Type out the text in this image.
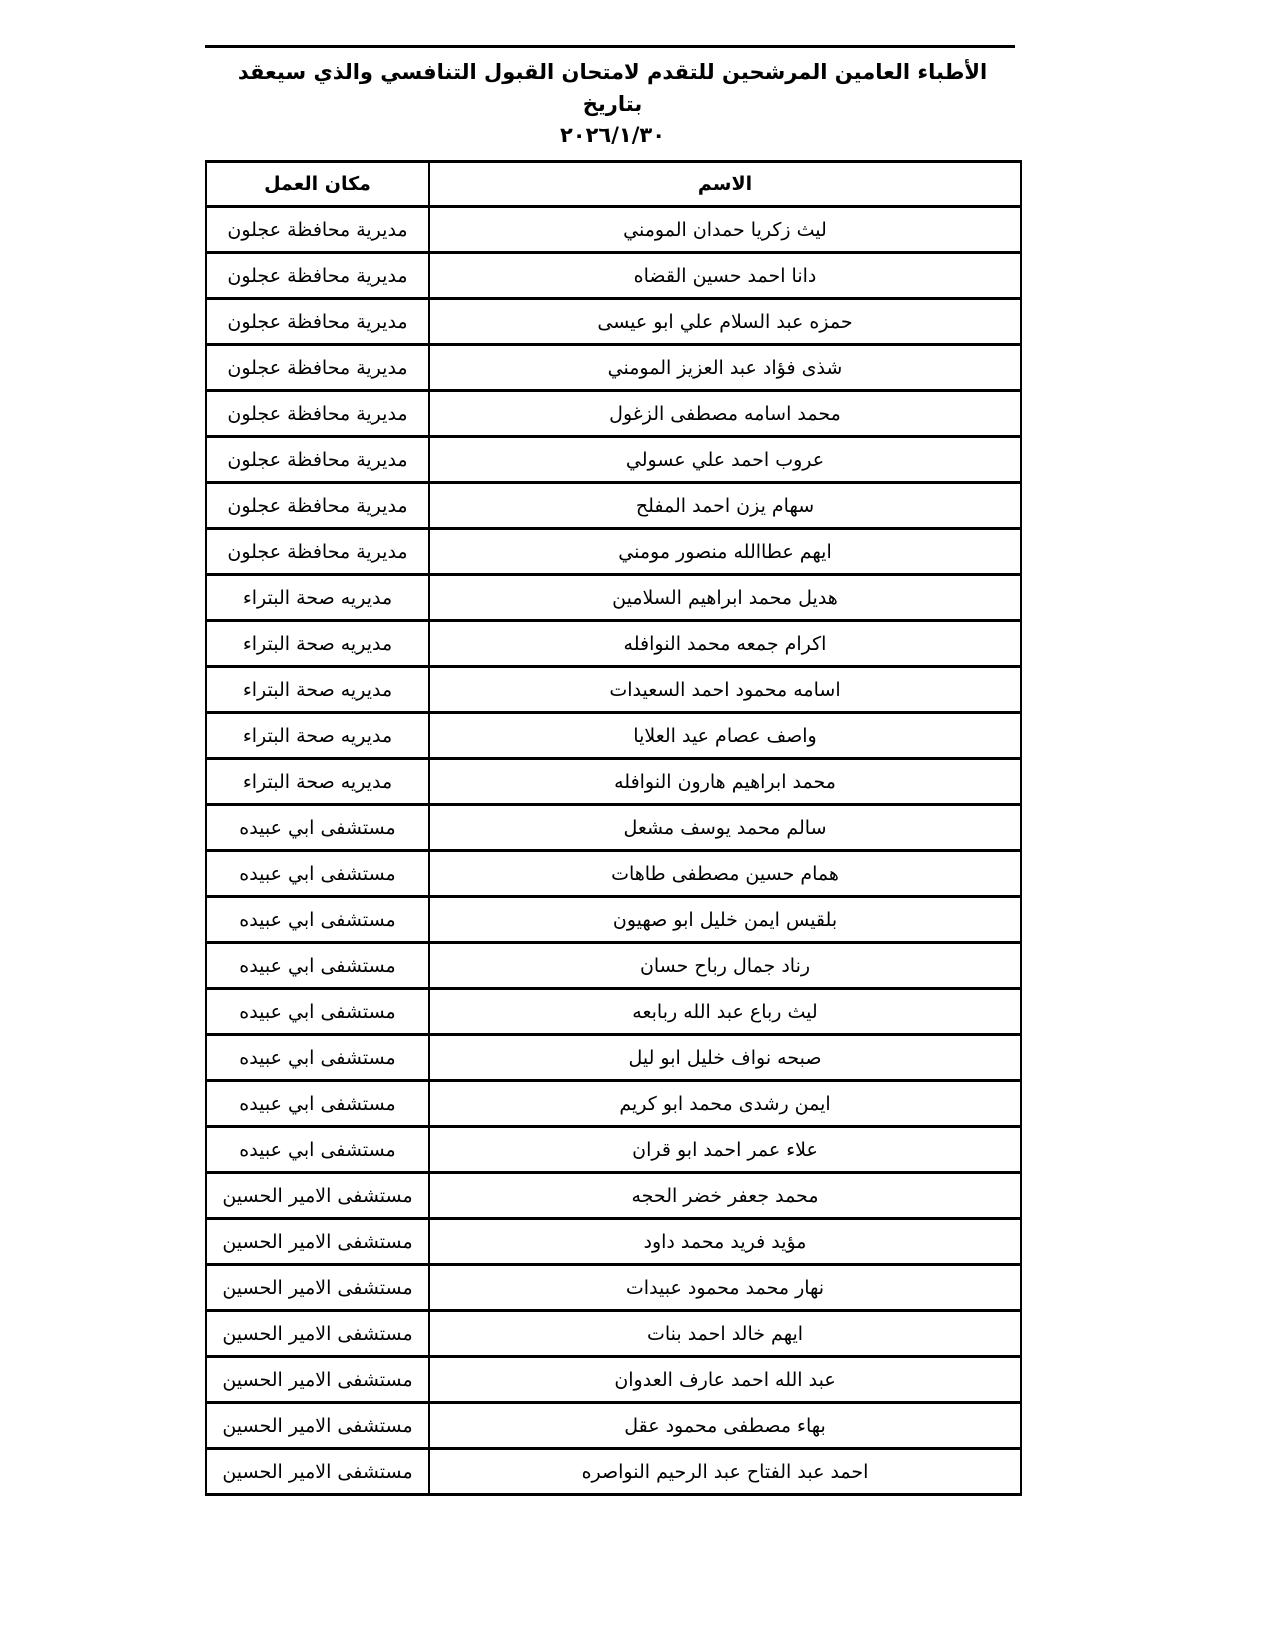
الأطباء العامين المرشحين للتقدم لامتحان القبول التنافسي والذي سيعقد بتاريخ
٢٠٢٦/١/٣٠
الاسم	مكان العمل
ليث زكريا حمدان المومني	مديرية محافظة عجلون
دانا احمد حسين القضاه	مديرية محافظة عجلون
حمزه عبد السلام علي ابو عيسى	مديرية محافظة عجلون
شذى فؤاد عبد العزيز المومني	مديرية محافظة عجلون
محمد اسامه مصطفى الزغول	مديرية محافظة عجلون
عروب احمد علي عسولي	مديرية محافظة عجلون
سهام يزن احمد المفلح	مديرية محافظة عجلون
ايهم عطاالله منصور مومني	مديرية محافظة عجلون
هديل محمد ابراهيم السلامين	مديريه صحة البتراء
اكرام جمعه محمد النوافله	مديريه صحة البتراء
اسامه محمود احمد السعيدات	مديريه صحة البتراء
واصف عصام عيد العلايا	مديريه صحة البتراء
محمد ابراهيم هارون النوافله	مديريه صحة البتراء
سالم محمد يوسف مشعل	مستشفى ابي عبيده
همام حسين مصطفى طاهات	مستشفى ابي عبيده
بلقيس ايمن خليل ابو صهيون	مستشفى ابي عبيده
رناد جمال رباح حسان	مستشفى ابي عبيده
ليث رباع عبد الله ربابعه	مستشفى ابي عبيده
صبحه نواف خليل ابو ليل	مستشفى ابي عبيده
ايمن رشدى محمد ابو كريم	مستشفى ابي عبيده
علاء عمر احمد ابو قران	مستشفى ابي عبيده
محمد جعفر خضر الحجه	مستشفى الامير الحسين
مؤيد فريد محمد داود	مستشفى الامير الحسين
نهار محمد محمود عبيدات	مستشفى الامير الحسين
ايهم خالد احمد بنات	مستشفى الامير الحسين
عبد الله احمد عارف العدوان	مستشفى الامير الحسين
بهاء مصطفى محمود عقل	مستشفى الامير الحسين
احمد عبد الفتاح عبد الرحيم النواصره	مستشفى الامير الحسين
